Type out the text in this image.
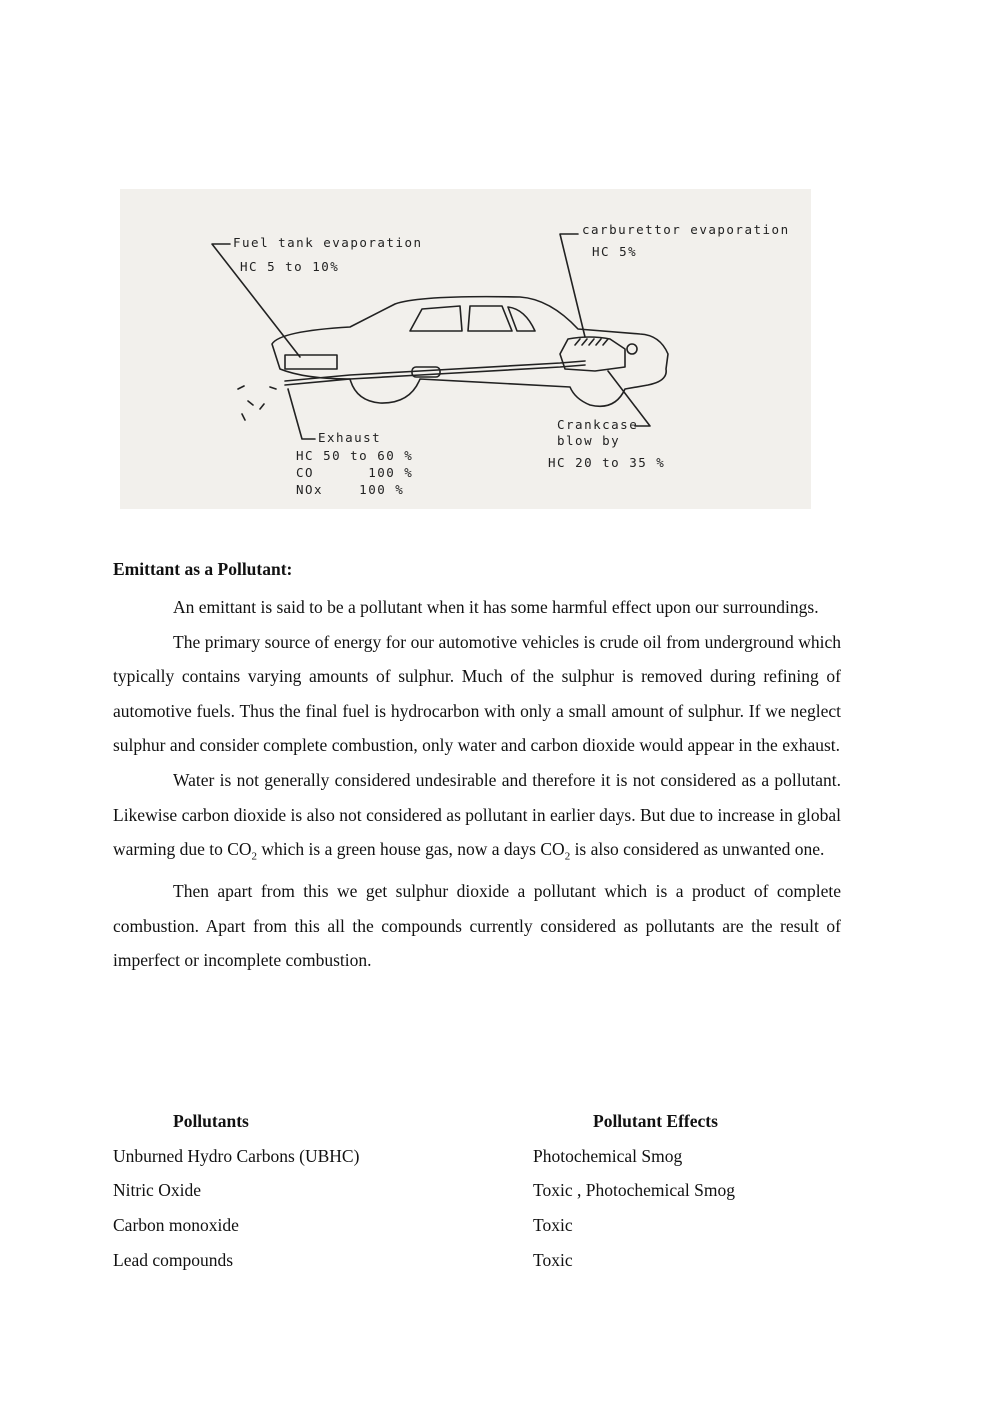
Fuel tank evaporation
HC 5 to 10%
carburettor evaporation
HC 5%
Exhaust
HC 50 to 60 %
CO      100 %
NOx    100 %
Crankcase
blow by
HC 20 to 35 %

Emittant as a Pollutant:

An emittant is said to be a pollutant when it has some harmful effect upon our surroundings.

The primary source of energy for our automotive vehicles is crude oil from underground which typically contains varying amounts of sulphur. Much of the sulphur is removed during refining of automotive fuels. Thus the final fuel is hydrocarbon with only a small amount of sulphur. If we neglect sulphur and consider complete combustion, only water and carbon dioxide would appear in the exhaust.

Water is not generally considered undesirable and therefore it is not considered as a pollutant. Likewise carbon dioxide is also not considered as pollutant in earlier days. But due to increase in global warming due to $CO_2$ which is a green house gas, now a days $CO_2$ is also considered as unwanted one.

Then apart from this we get sulphur dioxide a pollutant which is a product of complete combustion. Apart from this all the compounds currently considered as pollutants are the result of imperfect or incomplete combustion.

Pollutants	Pollutant Effects
Unburned Hydro Carbons (UBHC)	Photochemical Smog
Nitric Oxide	Toxic , Photochemical Smog
Carbon monoxide	Toxic
Lead compounds	Toxic
